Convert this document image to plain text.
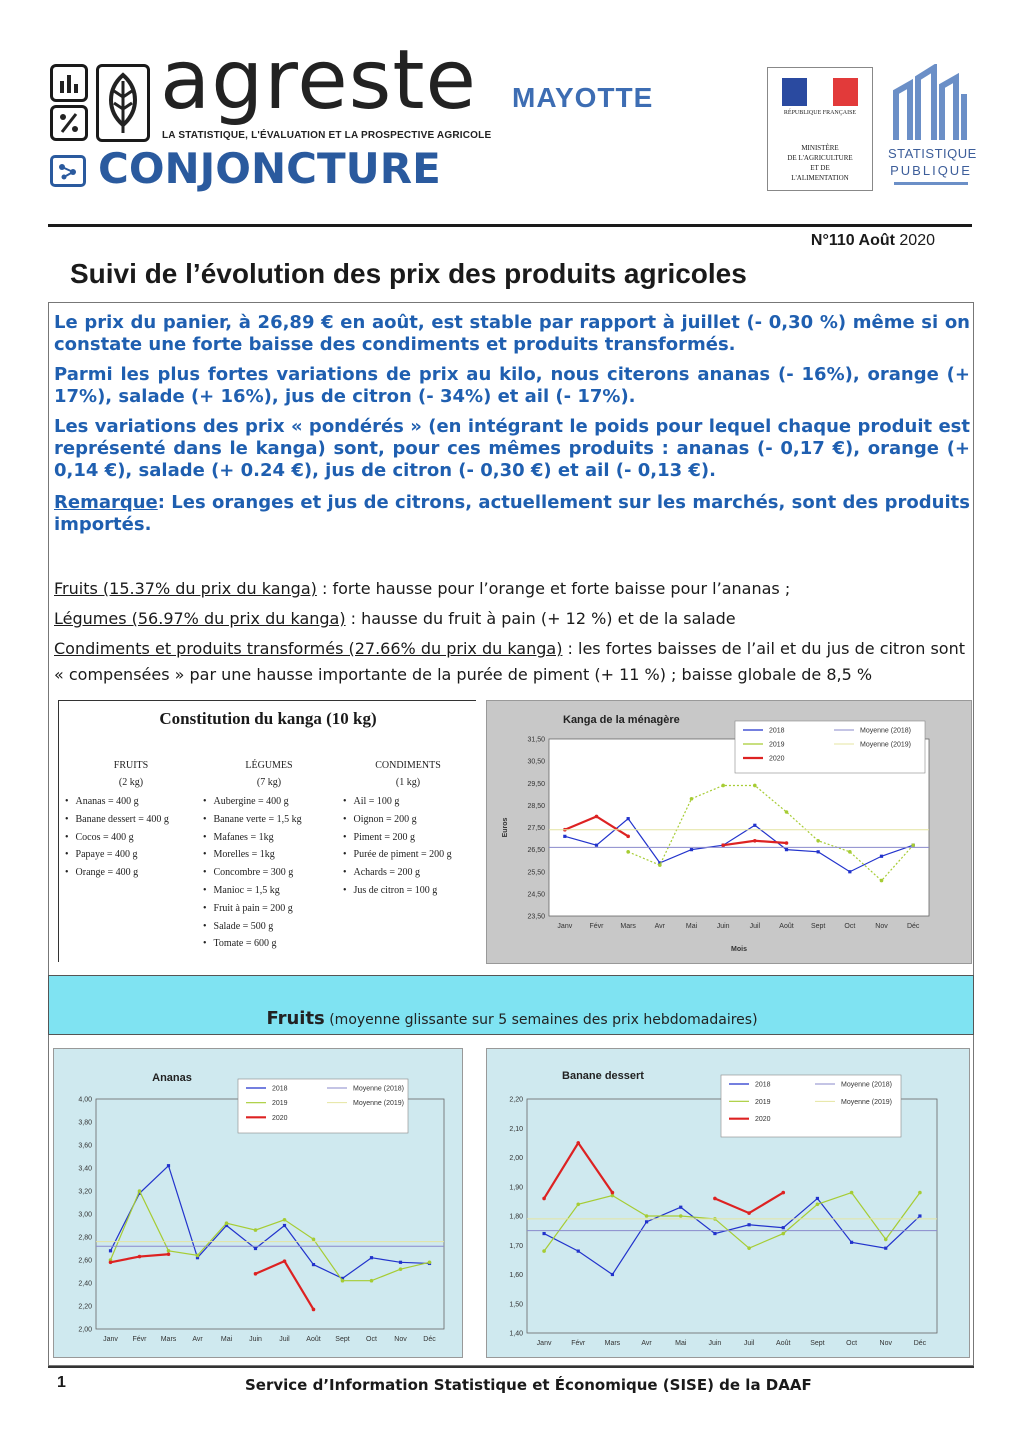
agreste
LA STATISTIQUE, L'ÉVALUATION ET LA PROSPECTIVE AGRICOLE
CONJONCTURE
MAYOTTE	RÉPUBLIQUE FRANÇAISE
MINISTÈRE
DE L'AGRICULTURE
ET DE
L'ALIMENTATION
STATISTIQUE
PUBLIQUE
N°110 Août 2020
Suivi de l’évolution des prix des produits agricoles

Le prix du panier, à 26,89 € en août, est stable par rapport à juillet (- 0,30 %) même si on constate une forte baisse des condiments et produits transformés.

Parmi les plus fortes variations de prix au kilo, nous citerons ananas (- 16%), orange (+ 17%), salade (+ 16%), jus de citron (- 34%) et ail (- 17%).

Les variations des prix « pondérés » (en intégrant le poids pour lequel chaque produit est représenté dans le kanga) sont, pour ces mêmes produits : ananas (- 0,17 €), orange (+ 0,14 €), salade (+ 0.24 €), jus de citron (- 0,30 €) et ail (- 0,13 €).

Remarque: Les oranges et jus de citrons, actuellement sur les marchés, sont des produits importés.

Fruits (15.37% du prix du kanga) : forte hausse pour l’orange et forte baisse pour l’ananas ;

Légumes (56.97% du prix du kanga) : hausse du fruit à pain (+ 12 %) et de la salade

Condiments et produits transformés (27.66% du prix du kanga) : les fortes baisses de l’ail et du jus de citron sont « compensées » par une hausse importante de la purée de piment (+ 11 %) ; baisse globale de 8,5 %

Constitution du kanga (10 kg)
FRUITS
(2 kg)
• Ananas = 400 g
• Banane dessert = 400 g
• Cocos = 400 g
• Papaye = 400 g
• Orange = 400 g
LÉGUMES
(7 kg)
• Aubergine = 400 g
• Banane verte = 1,5 kg
• Mafanes = 1kg
• Morelles = 1kg
• Concombre = 300 g
• Manioc = 1,5 kg
• Fruit à pain = 200 g
• Salade = 500 g
• Tomate = 600 g
CONDIMENTS
(1 kg)
• Ail = 100 g
• Oignon = 200 g
• Piment = 200 g
• Purée de piment = 200 g
• Achards = 200 g
• Jus de citron = 100 g
Kanga de la ménagère
23,50
24,50
25,50
26,50
27,50
28,50
29,50
30,50
31,50
Janv Févr Mars	Avr	Mai	Juin	Juil	Août Sept	Oct	Nov	Déc
Mois
Euros
2018
2019
2020
Moyenne (2018)
Moyenne (2019)
Fruits (moyenne glissante sur 5 semaines des prix hebdomadaires)
Ananas
2,00
2,20
2,40
2,60
2,80
3,00
3,20
3,40
3,60
3,80
4,00
Janv Févr Mars Avr	Mai Juin Juil Août Sept Oct Nov Déc
2018
2019
2020
Moyenne (2018)
Moyenne (2019)
Banane dessert
1,40
1,50
1,60
1,70
1,80
1,90
2,00
2,10
2,20
Janv	Févr	Mars	Avr	Mai	Juin	Juil	Août	Sept	Oct	Nov	Déc
2018
2019
2020
Moyenne (2018)
Moyenne (2019)
1	Service d’Information Statistique et Économique (SISE) de la DAAF
